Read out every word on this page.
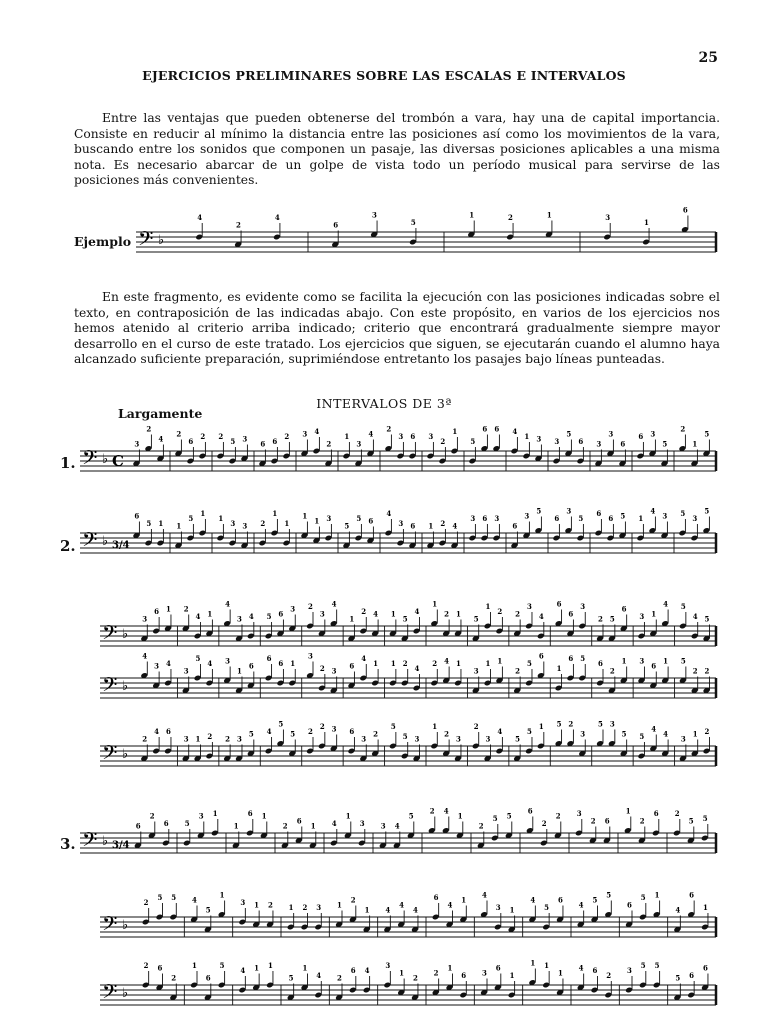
25
EJERCICIOS PRELIMINARES SOBRE LAS ESCALAS E INTERVALOS

Entre las ventajas que pueden obtenerse del trombón a vara, hay una de capital importancia. Consiste en reducir al mínimo la distancia entre las posiciones así como los movimientos de la vara, buscando entre los sonidos que componen un pasaje, las diversas posiciones aplicables a una misma nota. Es necesario abarcar de un golpe de vista todo un período musical para servirse de las posiciones más convenientes.

Ejemplo

En este fragmento, es evidente como se facilita la ejecución con las posiciones indicadas sobre el texto, en contraposición de las indicadas abajo. Con este propósito, en varios de los ejercicios nos hemos atenido al criterio arriba indicado; criterio que encontrará gradualmente siempre mayor desarrollo en el curso de este tratado. Los ejercicios que siguen, se ejecutarán cuando el alumno haya alcanzado suficiente preparación, suprimiéndose entretanto los pasajes bajo líneas punteadas.

INTERVALOS DE 3ª
Largamente
1.
2.
3.
𝄢 ♭
4
2
4
6
3
5
1	2	1	3
1
6
𝄢 ♭ C
3
2
4
2
6
2 2
5 3
6 6
2 3 4
2
1
3
4
2
3 6 3
2
1
5
6 6 4
1 3 3
5
6 3
3
6
6 3
5
2
1
5
𝄢 ♭ 3/4
6
5 1 1
5
1
1
3 3 2
1
1
1
1 3
5
5 6
4
3 6 1 2 4
3 6 3
6
3
5
6
3
5
6
6 5 1
4
3 5
3
5
𝄢 ♭
3
6 1 2
4 1
4
3 4 5 6
3 2
3
4
1
2 4 1
5
4
1
2 1
5
1
2 2
3
4
6
6
3
2 5
6
3 1
4 5
4 5
𝄢 ♭
4
3 4
3
5
4 3
1
6
6
6 1
3
2 3
6
4
1 1 2
4
2 4 1
3
1 1
2
5
6
1
6 5
6
2
1 3
6
1 5
2 2
𝄢 ♭
2
4 6
3 1 2 2 3
5 4
5
5 2
2 3 6
3
2
5
5 3
1
2
3
2
3
4
5
5
1 5 2
3
5 3
5 5
4
4
3
1 2
𝄢 ♭ 3/4
6
2
6 5
3 1
1
6 1
2
6
1 4
1
3 3 4
5
2 4
1
2
5 5
6
2
2 3
2 6
1
2
6 2
5 5
𝄢 ♭
2
5 5 4
5
1
3 1 2 1 2 3 1
2
1 4
4
4
6
4
1
4
3 1
4
5
6
4
5
5
6
5 1
4
6
1
𝄢 ♭
2 6
2
1
6
5
4 1 1
5
1
4 2
6 4
3
1
2
2
1
6 3
6
1
1 1
1
4 6
2
3
5 5
5 6
6
